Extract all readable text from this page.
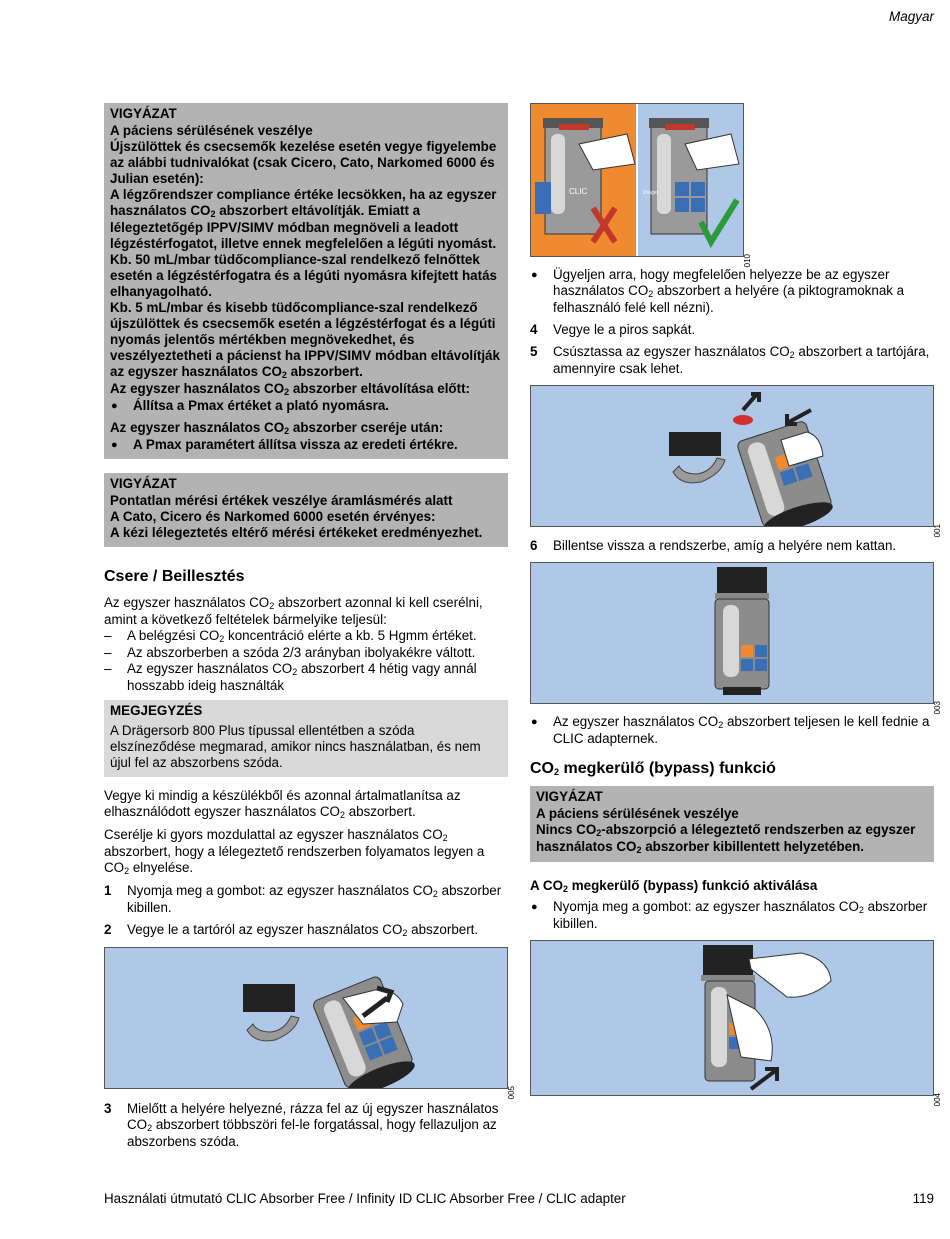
Magyar
VIGYÁZAT

A páciens sérülésének veszélye

Újszülöttek és csecsemők kezelése esetén vegye figyelembe az alábbi tudnivalókat (csak Cicero, Cato, Narkomed 6000 és Julian esetén):

A légzőrendszer compliance értéke lecsökken, ha az egyszer használatos $CO_2$ abszorbert eltávolítják. Emiatt a lélegeztetőgép IPPV/SIMV módban megnöveli a leadott légzéstérfogatot, illetve ennek megfelelően a légúti nyomást. Kb. 50 mL/mbar tüdőcompliance-szal rendelkező felnőttek esetén a légzéstérfogatra és a légúti nyomásra kifejtett hatás elhanyagolható.

Kb. 5 mL/mbar és kisebb tüdőcompliance-szal rendelkező újszülöttek és csecsemők esetén a légzéstérfogat és a légúti nyomás jelentős mértékben megnövekedhet, és veszélyeztetheti a pácienst ha IPPV/SIMV módban eltávolítják az egyszer használatos $CO_2$ abszorbert.

Az egyszer használatos $CO_2$ abszorber eltávolítása előtt:

● Állítsa a Pmax értéket a plató nyomásra.

Az egyszer használatos $CO_2$ abszorber cseréje után:

● A Pmax paramétert állítsa vissza az eredeti értékre.

VIGYÁZAT

Pontatlan mérési értékek veszélye áramlásmérés alatt

A Cato, Cicero és Narkomed 6000 esetén érvényes:

A kézi lélegeztetés eltérő mérési értékeket eredményezhet.

Csere / Beillesztés

Az egyszer használatos $CO_2$ abszorbert azonnal ki kell cserélni, amint a következő feltételek bármelyike teljesül:

– A belégzési $CO_2$ koncentráció elérte a kb. 5 Hgmm értéket.

– Az abszorberben a szóda 2/3 arányban ibolyakékre váltott.

– Az egyszer használatos $CO_2$ abszorbert 4 hétig vagy annál hosszabb ideig használták

MEGJEGYZÉS

A Drägersorb 800 Plus típussal ellentétben a szóda elszíneződése megmarad, amikor nincs használatban, és nem újul fel az abszorbens szóda.

Vegye ki mindig a készülékből és azonnal ártalmatlanítsa az elhasználódott egyszer használatos $CO_2$ abszorbert.

Cserélje ki gyors mozdulattal az egyszer használatos $CO_2$ abszorbert, hogy a lélegeztető rendszerben folyamatos legyen a $CO_2$ elnyelése.

1 Nyomja meg a gombot: az egyszer használatos $CO_2$ abszorber kibillen.

2 Vegye le a tartóról az egyszer használatos $CO_2$ abszorbert.

005

3 Mielőtt a helyére helyezné, rázza fel az új egyszer használatos $CO_2$ abszorbert többszöri fel-le forgatással, hogy fellazuljon az abszorbens szóda.

CLIC	Dräger
010

● Ügyeljen arra, hogy megfelelően helyezze be az egyszer használatos $CO_2$ abszorbert a helyére (a piktogramoknak a felhasználó felé kell nézni).

4 Vegye le a piros sapkát.

5 Csúsztassa az egyszer használatos $CO_2$ abszorbert a tartójára, amennyire csak lehet.

001

6 Billentse vissza a rendszerbe, amíg a helyére nem kattan.

003

● Az egyszer használatos $CO_2$ abszorbert teljesen le kell fednie a CLIC adapternek.

$CO_2$ megkerülő (bypass) funkció
VIGYÁZAT

A páciens sérülésének veszélye

Nincs $CO_2$-abszorpció a lélegeztető rendszerben az egyszer használatos $CO_2$ abszorber kibillentett helyzetében.

A $CO_2$ megkerülő (bypass) funkció aktiválása

● Nyomja meg a gombot: az egyszer használatos $CO_2$ abszorber kibillen.

004
Használati útmutató CLIC Absorber Free / Infinity ID CLIC Absorber Free / CLIC adapter	119
